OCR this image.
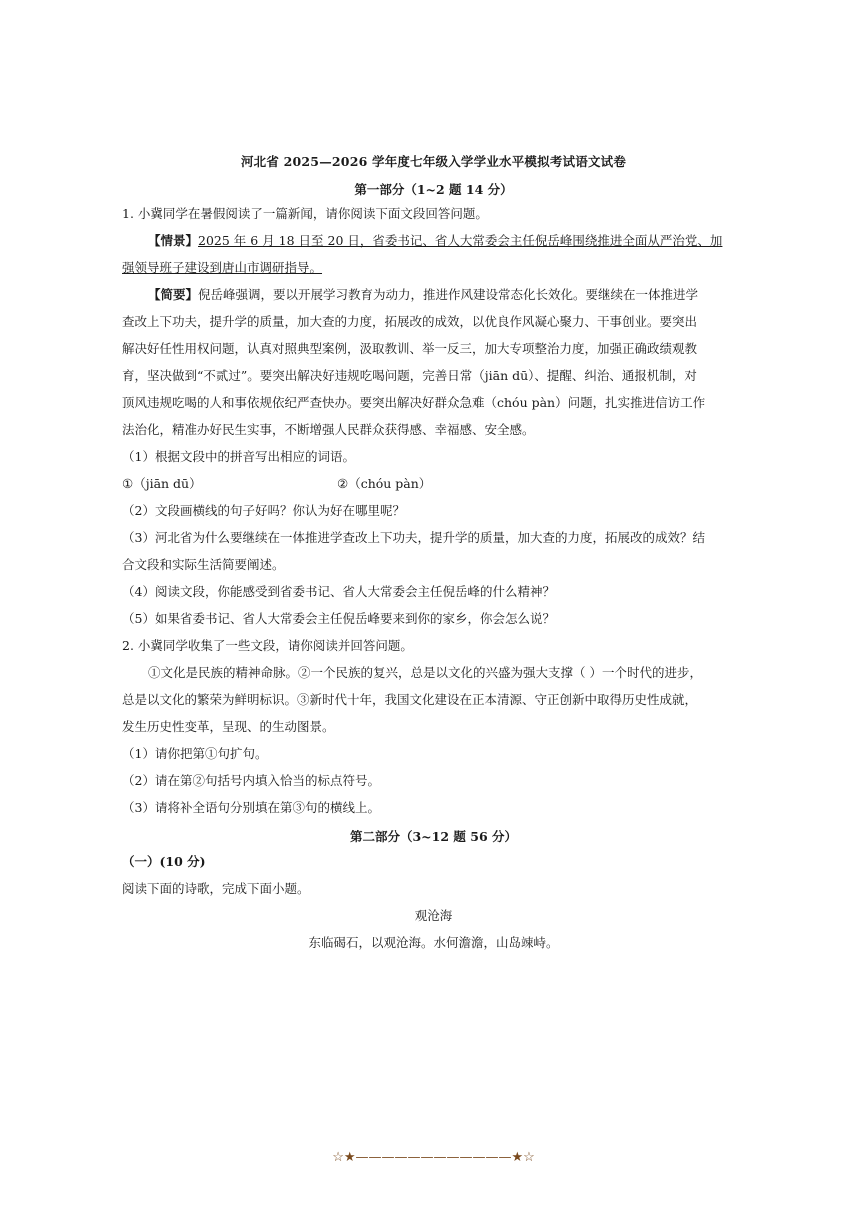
河北省 2025—2026 学年度七年级入学学业水平模拟考试语文试卷
第一部分（1~2 题 14 分）
1. 小冀同学在暑假阅读了一篇新闻，请你阅读下面文段回答问题。
【情景】2025 年 6 月 18 日至 20 日，省委书记、省人大常委会主任倪岳峰围绕推进全面从严治党、加
强领导班子建设到唐山市调研指导。
【简要】倪岳峰强调，要以开展学习教育为动力，推进作风建设常态化长效化。要继续在一体推进学
查改上下功夫，提升学的质量，加大查的力度，拓展改的成效，以优良作风凝心聚力、干事创业。要突出
解决好任性用权问题，认真对照典型案例，汲取教训、举一反三，加大专项整治力度，加强正确政绩观教
育，坚决做到“不贰过”。要突出解决好违规吃喝问题，完善日常（jiān dū）、提醒、纠治、通报机制，对
顶风违规吃喝的人和事依规依纪严查快办。要突出解决好群众急难（chóu pàn）问题，扎实推进信访工作
法治化，精准办好民生实事，不断增强人民群众获得感、幸福感、安全感。
（1）根据文段中的拼音写出相应的词语。
①（jiān dū）	②（chóu pàn）
（2）文段画横线的句子好吗？你认为好在哪里呢？
（3）河北省为什么要继续在一体推进学查改上下功夫，提升学的质量，加大查的力度，拓展改的成效？结
合文段和实际生活简要阐述。
（4）阅读文段，你能感受到省委书记、省人大常委会主任倪岳峰的什么精神？
（5）如果省委书记、省人大常委会主任倪岳峰要来到你的家乡，你会怎么说？
2. 小冀同学收集了一些文段，请你阅读并回答问题。
①文化是民族的精神命脉。②一个民族的复兴，总是以文化的兴盛为强大支撑（ ）一个时代的进步，
总是以文化的繁荣为鲜明标识。③新时代十年，我国文化建设在正本清源、守正创新中取得历史性成就，
发生历史性变革，呈现、的生动图景。
（1）请你把第①句扩句。
（2）请在第②句括号内填入恰当的标点符号。
（3）请将补全语句分别填在第③句的横线上。
第二部分（3~12 题 56 分）
（一）(10 分)
阅读下面的诗歌，完成下面小题。
观沧海
东临碣石，以观沧海。水何澹澹，山岛竦峙。
☆★————————————★☆
